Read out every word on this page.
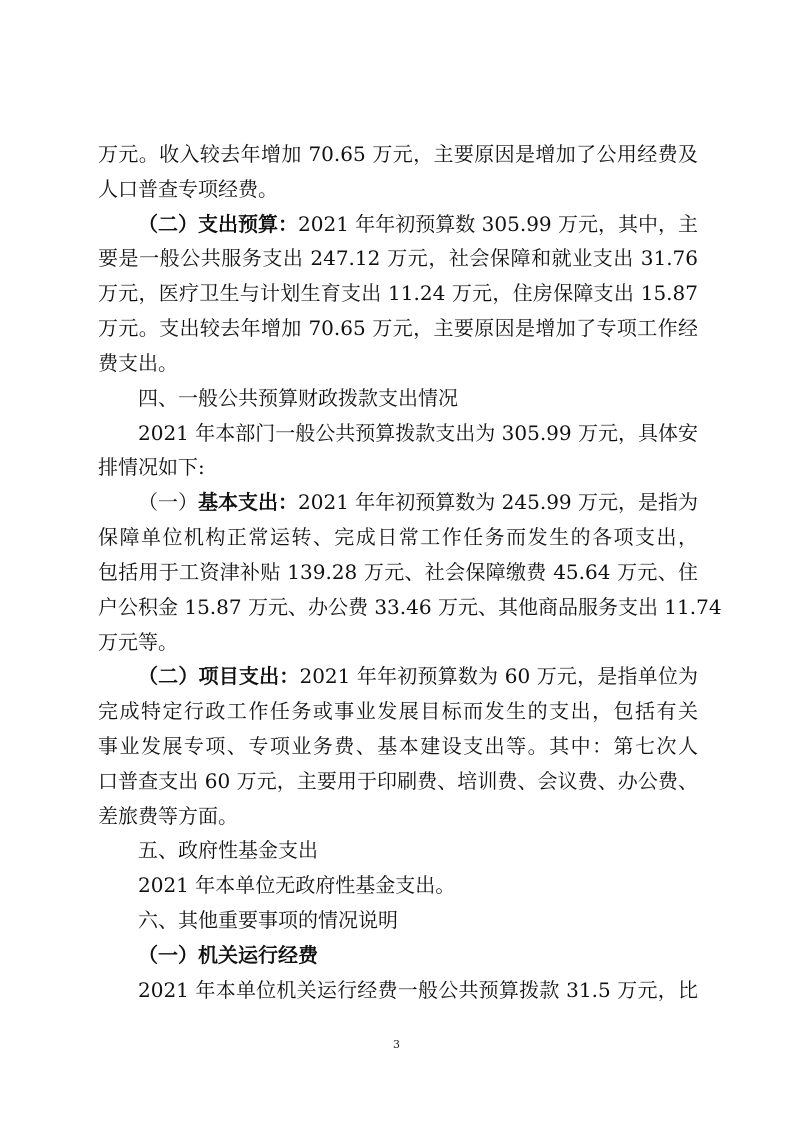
万元。收入较去年增加 70.65 万元，主要原因是增加了公用经费及
人口普查专项经费。
（二）支出预算：2021 年年初预算数 305.99 万元，其中，主
要是一般公共服务支出 247.12 万元，社会保障和就业支出 31.76
万元，医疗卫生与计划生育支出 11.24 万元，住房保障支出 15.87
万元。支出较去年增加 70.65 万元，主要原因是增加了专项工作经
费支出。
四、一般公共预算财政拨款支出情况
2021 年本部门一般公共预算拨款支出为 305.99 万元，具体安
排情况如下:
（一）基本支出：2021 年年初预算数为 245.99 万元，是指为
保障单位机构正常运转、完成日常工作任务而发生的各项支出，
包括用于工资津补贴 139.28 万元、社会保障缴费 45.64 万元、住
户公积金 15.87 万元、办公费 33.46 万元、其他商品服务支出 11.74
万元等。
（二）项目支出：2021 年年初预算数为 60 万元，是指单位为
完成特定行政工作任务或事业发展目标而发生的支出，包括有关
事业发展专项、专项业务费、基本建设支出等。其中：第七次人
口普查支出 60 万元，主要用于印刷费、培训费、会议费、办公费、
差旅费等方面。
五、政府性基金支出
2021 年本单位无政府性基金支出。
六、其他重要事项的情况说明
（一）机关运行经费
2021 年本单位机关运行经费一般公共预算拨款 31.5 万元，比
3
